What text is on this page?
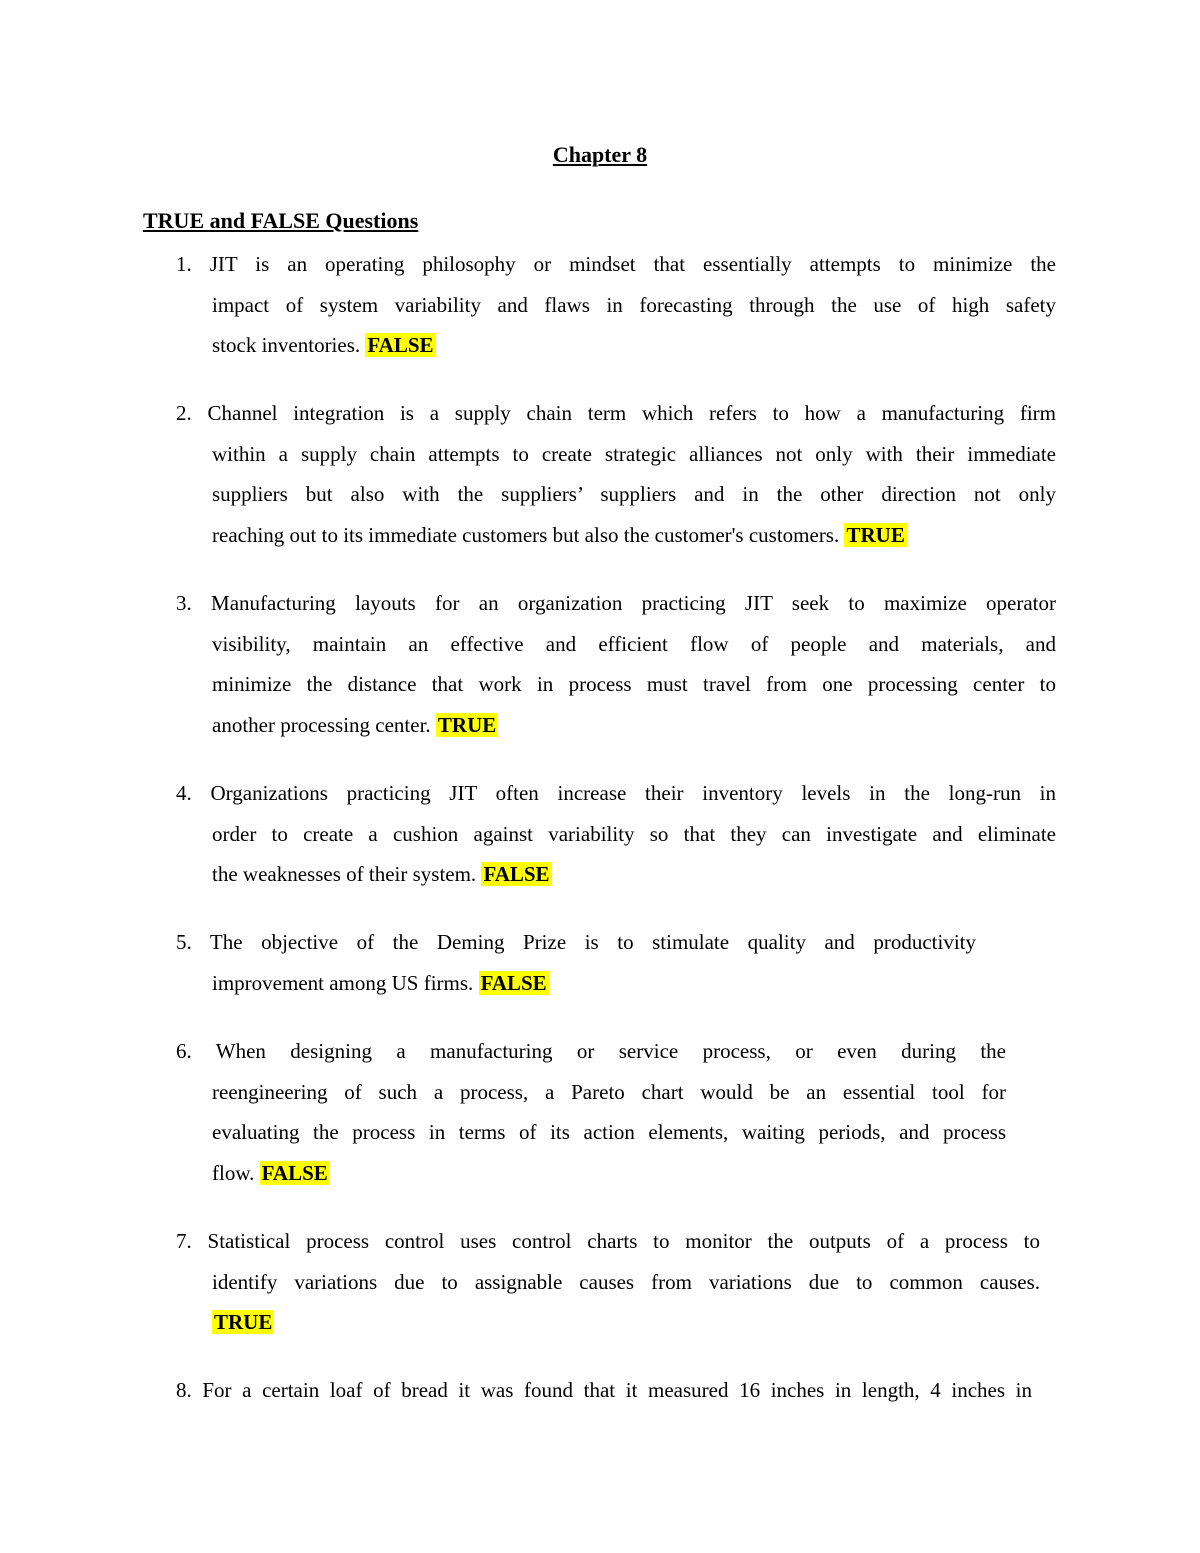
Chapter 8
TRUE and FALSE Questions
1. JIT is an operating philosophy or mindset that essentially attempts to minimize the
impact of system variability and flaws in forecasting through the use of high safety
stock inventories. FALSE
2. Channel integration is a supply chain term which refers to how a manufacturing firm
within a supply chain attempts to create strategic alliances not only with their immediate
suppliers but also with the suppliers’ suppliers and in the other direction not only
reaching out to its immediate customers but also the customer's customers. TRUE
3. Manufacturing layouts for an organization practicing JIT seek to maximize operator
visibility, maintain an effective and efficient flow of people and materials, and
minimize the distance that work in process must travel from one processing center to
another processing center. TRUE
4. Organizations practicing JIT often increase their inventory levels in the long-run in
order to create a cushion against variability so that they can investigate and eliminate
the weaknesses of their system. FALSE
5. The objective of the Deming Prize is to stimulate quality and productivity
improvement among US firms. FALSE
6. When designing a manufacturing or service process, or even during the
reengineering of such a process, a Pareto chart would be an essential tool for
evaluating the process in terms of its action elements, waiting periods, and process
flow. FALSE
7. Statistical process control uses control charts to monitor the outputs of a process to
identify variations due to assignable causes from variations due to common causes.
TRUE
8. For a certain loaf of bread it was found that it measured 16 inches in length, 4 inches in
